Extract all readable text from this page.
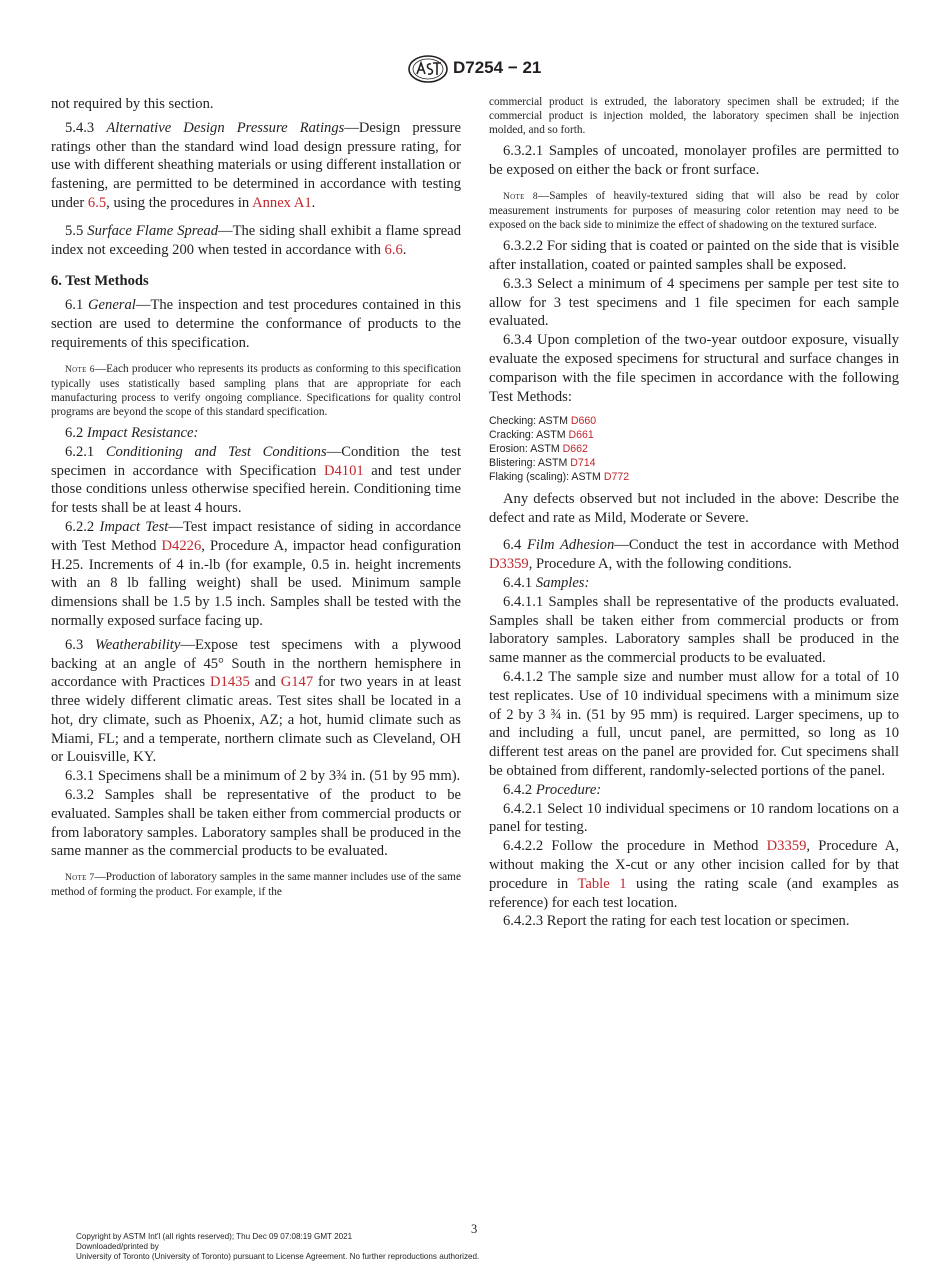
D7254 − 21

not required by this section.

5.4.3 Alternative Design Pressure Ratings—Design pressure ratings other than the standard wind load design pressure rating, for use with different sheathing materials or using different installation or fastening, are permitted to be determined in accordance with testing under 6.5, using the procedures in Annex A1.

5.5 Surface Flame Spread—The siding shall exhibit a flame spread index not exceeding 200 when tested in accordance with 6.6.

6. Test Methods

6.1 General—The inspection and test procedures contained in this section are used to determine the conformance of products to the requirements of this specification.

Note 6—Each producer who represents its products as conforming to this specification typically uses statistically based sampling plans that are appropriate for each manufacturing process to verify ongoing compliance. Specifications for quality control programs are beyond the scope of this standard specification.

6.2 Impact Resistance:

6.2.1 Conditioning and Test Conditions—Condition the test specimen in accordance with Specification D4101 and test under those conditions unless otherwise specified herein. Conditioning time for tests shall be at least 4 hours.

6.2.2 Impact Test—Test impact resistance of siding in accordance with Test Method D4226, Procedure A, impactor head configuration H.25. Increments of 4 in.-lb (for example, 0.5 in. height increments with an 8 lb falling weight) shall be used. Minimum sample dimensions shall be 1.5 by 1.5 inch. Samples shall be tested with the normally exposed surface facing up.

6.3 Weatherability—Expose test specimens with a plywood backing at an angle of 45° South in the northern hemisphere in accordance with Practices D1435 and G147 for two years in at least three widely different climatic areas. Test sites shall be located in a hot, dry climate, such as Phoenix, AZ; a hot, humid climate such as Miami, FL; and a temperate, northern climate such as Cleveland, OH or Louisville, KY.

6.3.1 Specimens shall be a minimum of 2 by 3¾ in. (51 by 95 mm).

6.3.2 Samples shall be representative of the product to be evaluated. Samples shall be taken either from commercial products or from laboratory samples. Laboratory samples shall be produced in the same manner as the commercial products to be evaluated.

Note 7—Production of laboratory samples in the same manner includes use of the same method of forming the product. For example, if the

commercial product is extruded, the laboratory specimen shall be extruded; if the commercial product is injection molded, the laboratory specimen shall be injection molded, and so forth.

6.3.2.1 Samples of uncoated, monolayer profiles are permitted to be exposed on either the back or front surface.

Note 8—Samples of heavily-textured siding that will also be read by color measurement instruments for purposes of measuring color retention may need to be exposed on the back side to minimize the effect of shadowing on the textured surface.

6.3.2.2 For siding that is coated or painted on the side that is visible after installation, coated or painted samples shall be exposed.

6.3.3 Select a minimum of 4 specimens per sample per test site to allow for 3 test specimens and 1 file specimen for each sample evaluated.

6.3.4 Upon completion of the two-year outdoor exposure, visually evaluate the exposed specimens for structural and surface changes in comparison with the file specimen in accordance with the following Test Methods:

Checking: ASTM D660
Cracking: ASTM D661
Erosion: ASTM D662
Blistering: ASTM D714
Flaking (scaling): ASTM D772

Any defects observed but not included in the above: Describe the defect and rate as Mild, Moderate or Severe.

6.4 Film Adhesion—Conduct the test in accordance with Method D3359, Procedure A, with the following conditions.

6.4.1 Samples:

6.4.1.1 Samples shall be representative of the products evaluated. Samples shall be taken either from commercial products or from laboratory samples. Laboratory samples shall be produced in the same manner as the commercial products to be evaluated.

6.4.1.2 The sample size and number must allow for a total of 10 test replicates. Use of 10 individual specimens with a minimum size of 2 by 3 ¾ in. (51 by 95 mm) is required. Larger specimens, up to and including a full, uncut panel, are permitted, so long as 10 different test areas on the panel are provided for. Cut specimens shall be obtained from different, randomly-selected portions of the panel.

6.4.2 Procedure:

6.4.2.1 Select 10 individual specimens or 10 random locations on a panel for testing.

6.4.2.2 Follow the procedure in Method D3359, Procedure A, without making the X-cut or any other incision called for by that procedure in Table 1 using the rating scale (and examples as reference) for each test location.

6.4.2.3 Report the rating for each test location or specimen.

3
Copyright by ASTM Int'l (all rights reserved); Thu Dec 09 07:08:19 GMT 2021
Downloaded/printed by
University of Toronto (University of Toronto) pursuant to License Agreement. No further reproductions authorized.
